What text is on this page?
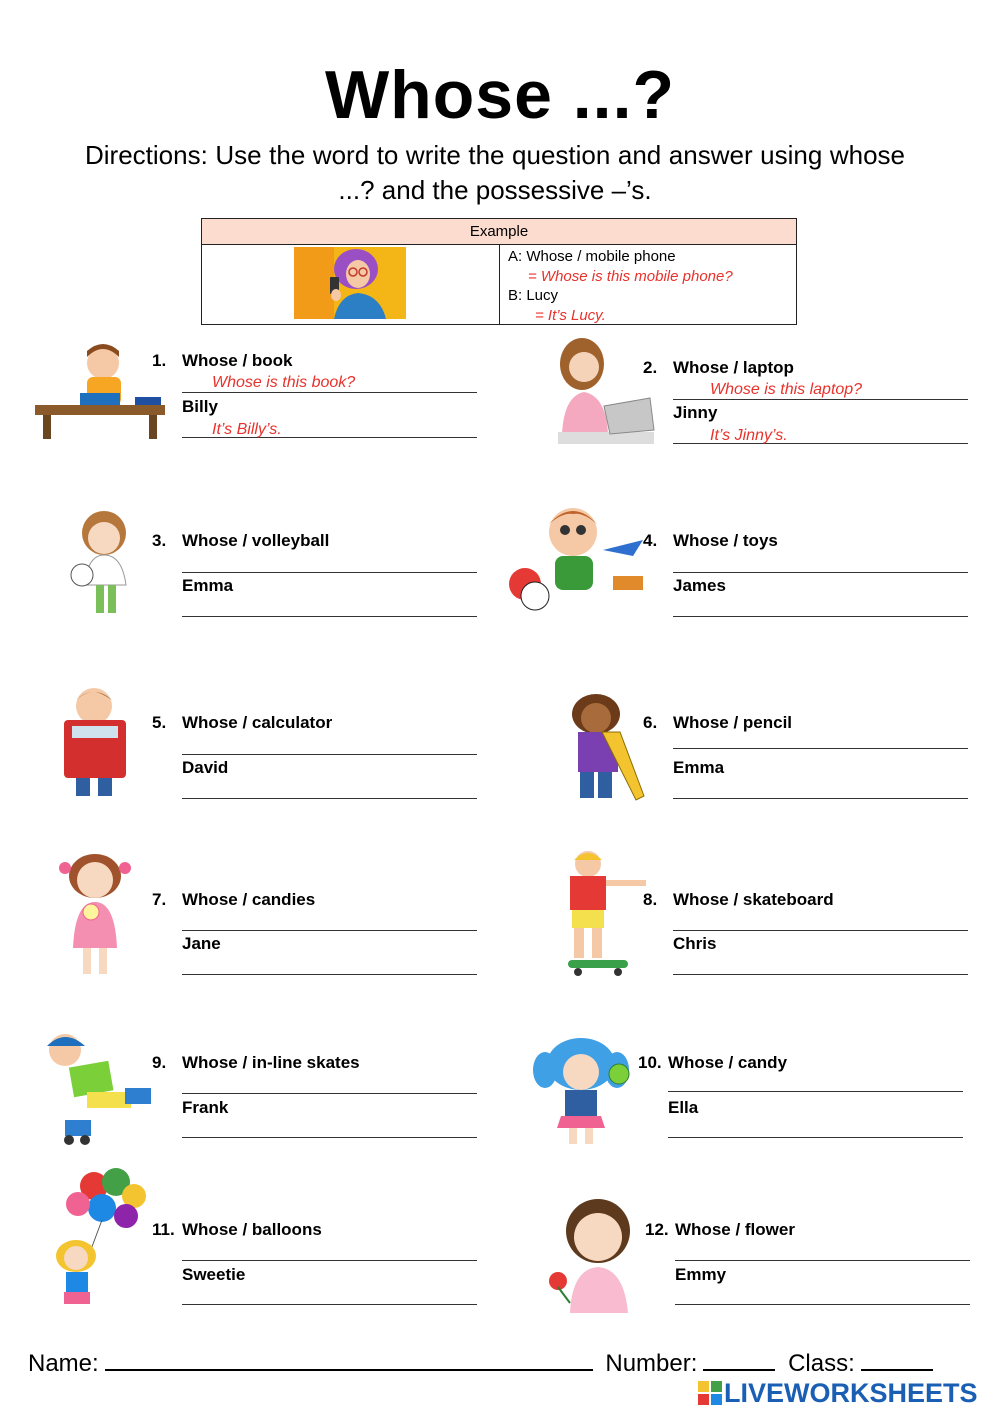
Whose ...?
Directions: Use the word to write the question and answer using whose ...? and the possessive –’s.
Example
A: Whose / mobile phone
= Whose is this mobile phone?
B: Lucy
= It’s Lucy.
1. Whose / book
Whose is this book?
Billy
It’s Billy’s.
2. Whose / laptop
Whose is this laptop?
Jinny
It’s Jinny’s.
3. Whose / volleyball
Emma
4. Whose / toys
James
5. Whose / calculator
David
6. Whose / pencil
Emma
7. Whose / candies
Jane
8. Whose / skateboard
Chris
9. Whose / in-line skates
Frank
10. Whose / candy
Ella
11. Whose / balloons
Sweetie
12. Whose / flower
Emmy
Name:	Number:	Class:
LIVEWORKSHEETS
